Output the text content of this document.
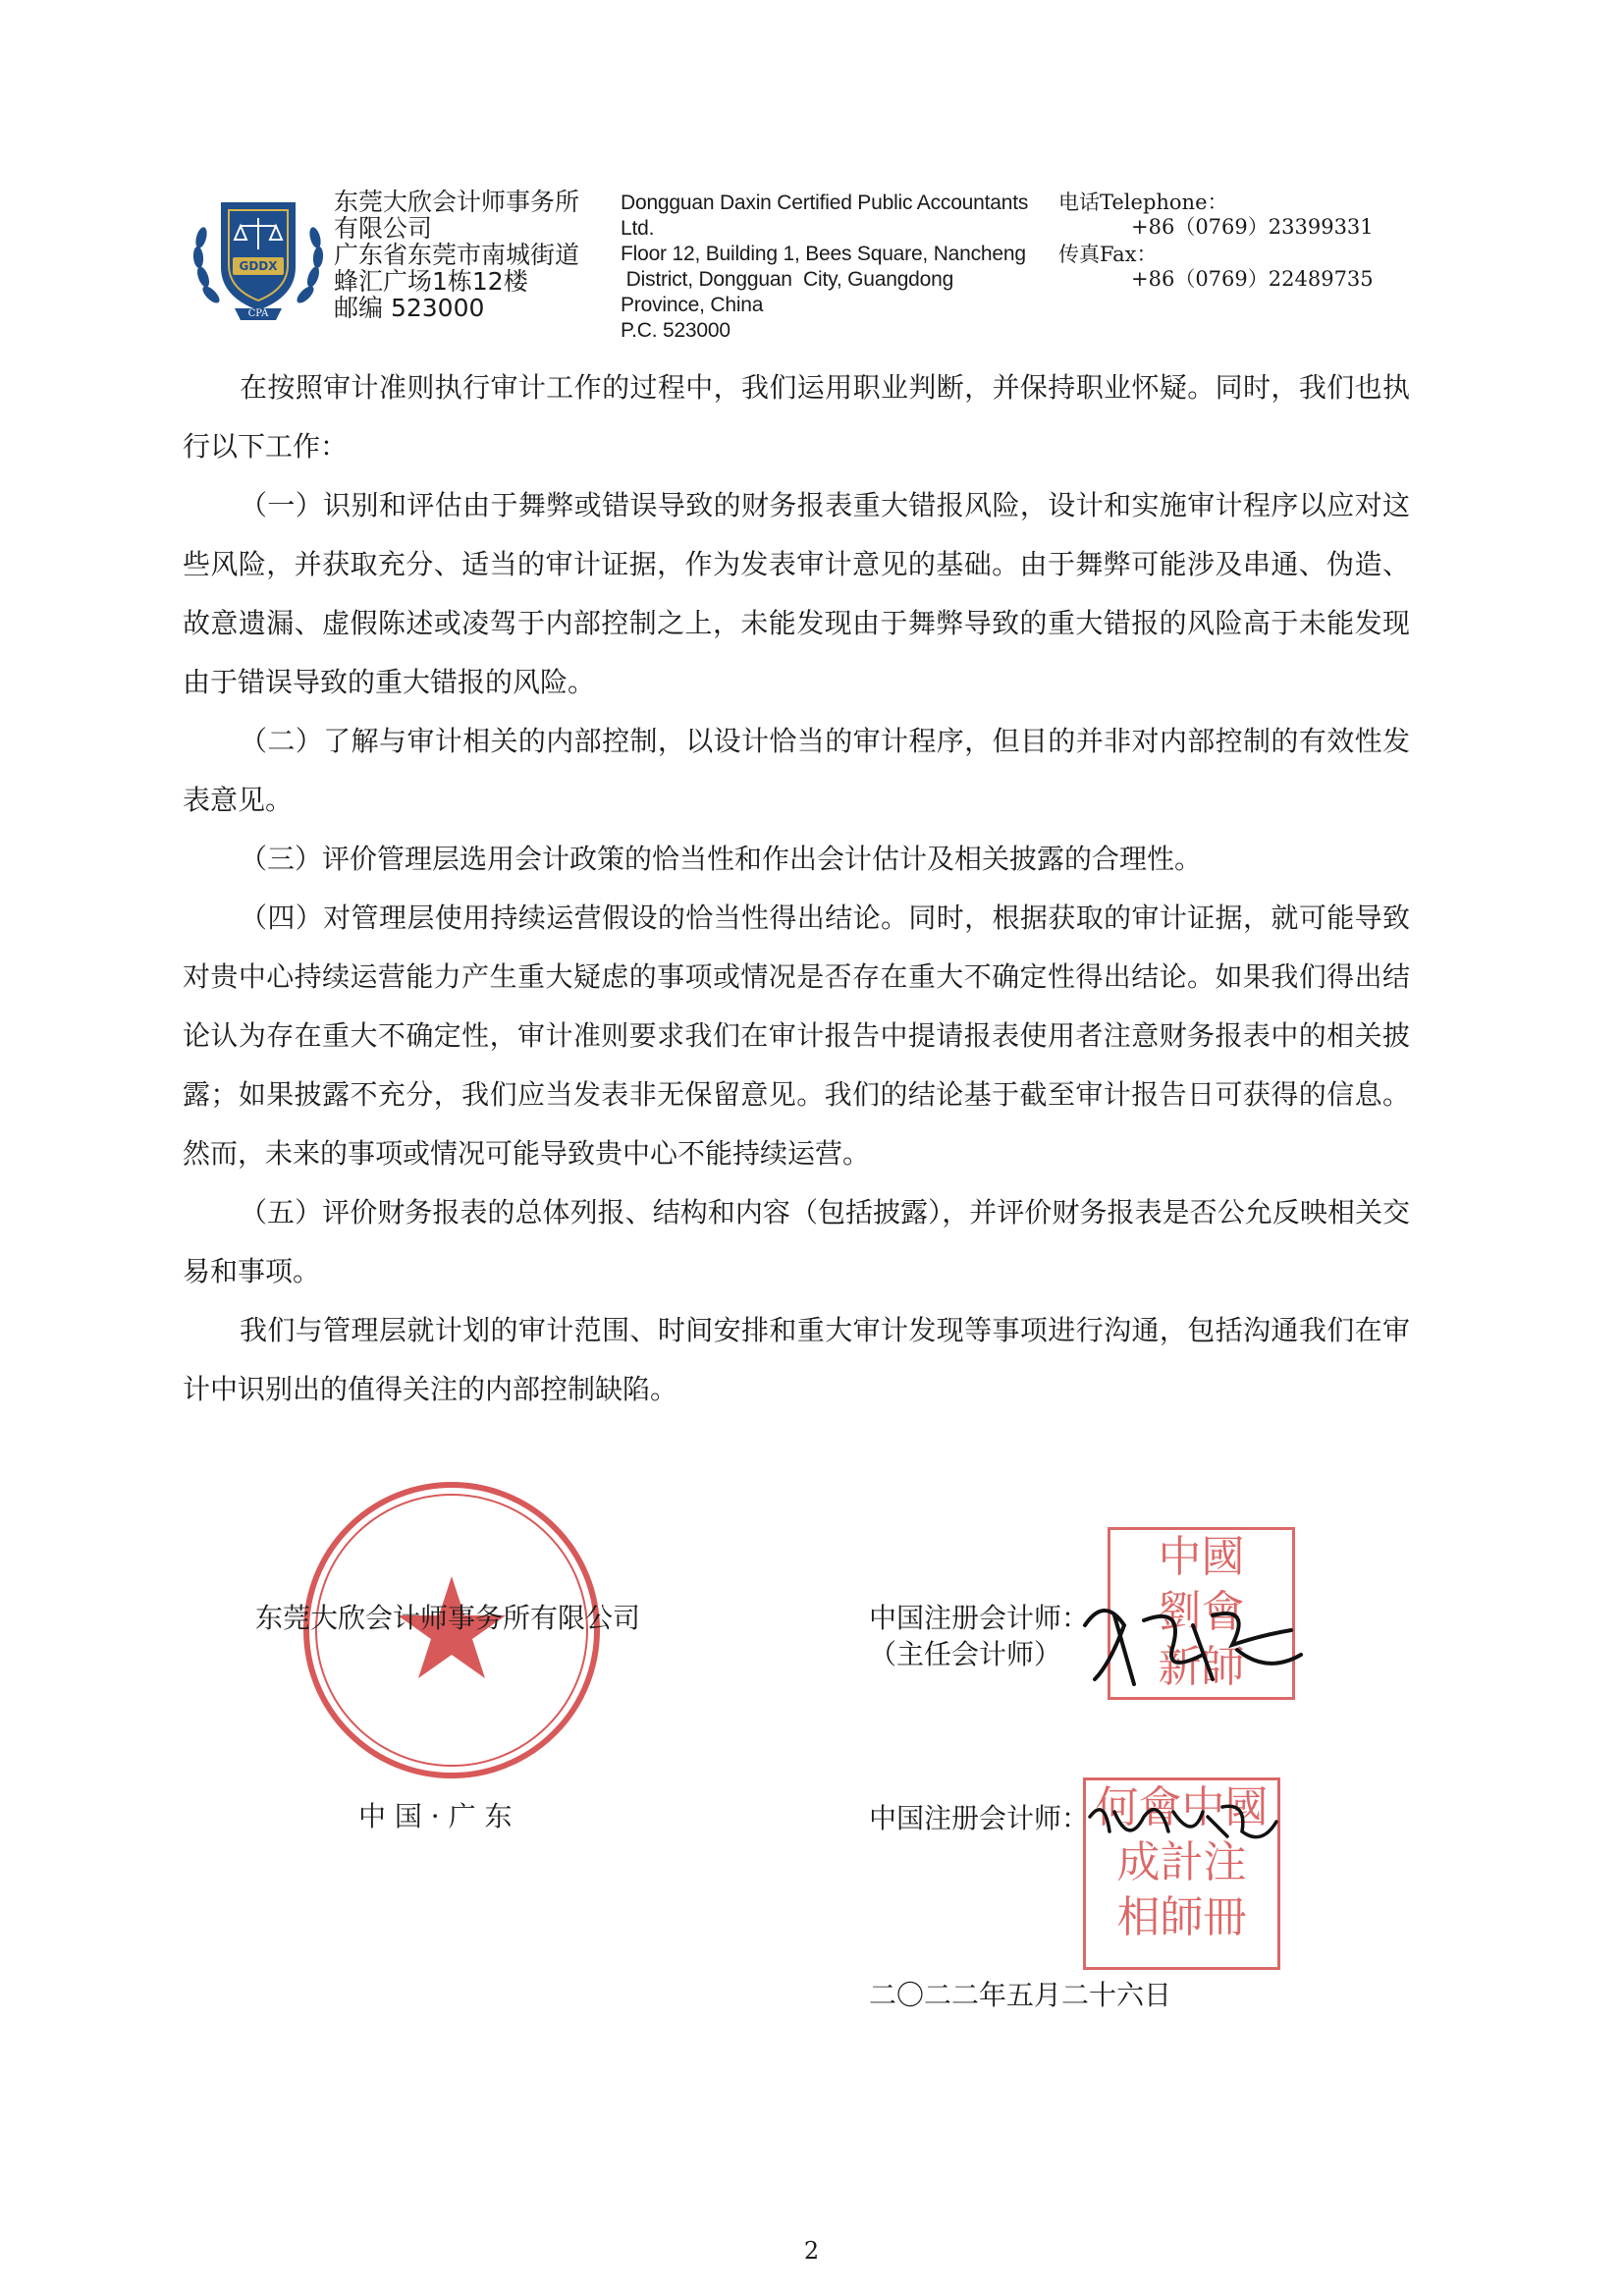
GDDX
CPA
东莞大欣会计师事务所
有限公司
广东省东莞市南城街道
蜂汇广场1栋12楼
邮编 523000
Dongguan Daxin Certified Public Accountants
Ltd.
Floor 12, Building 1, Bees Square, Nancheng
District, Dongguan  City, Guangdong
Province, China
P.C. 523000
电话Telephone：
+86（0769）23399331
传真Fax：
+86（0769）22489735

在按照审计准则执行审计工作的过程中，我们运用职业判断，并保持职业怀疑。同时，我们也执行以下工作：

（一）识别和评估由于舞弊或错误导致的财务报表重大错报风险，设计和实施审计程序以应对这些风险，并获取充分、适当的审计证据，作为发表审计意见的基础。由于舞弊可能涉及串通、伪造、故意遗漏、虚假陈述或凌驾于内部控制之上，未能发现由于舞弊导致的重大错报的风险高于未能发现由于错误导致的重大错报的风险。

（二）了解与审计相关的内部控制，以设计恰当的审计程序，但目的并非对内部控制的有效性发表意见。

（三）评价管理层选用会计政策的恰当性和作出会计估计及相关披露的合理性。

（四）对管理层使用持续运营假设的恰当性得出结论。同时，根据获取的审计证据，就可能导致对贵中心持续运营能力产生重大疑虑的事项或情况是否存在重大不确定性得出结论。如果我们得出结论认为存在重大不确定性，审计准则要求我们在审计报告中提请报表使用者注意财务报表中的相关披露；如果披露不充分，我们应当发表非无保留意见。我们的结论基于截至审计报告日可获得的信息。然而，未来的事项或情况可能导致贵中心不能持续运营。

（五）评价财务报表的总体列报、结构和内容（包括披露），并评价财务报表是否公允反映相关交易和事项。

我们与管理层就计划的审计范围、时间安排和重大审计发现等事项进行沟通，包括沟通我们在审计中识别出的值得关注的内部控制缺陷。

东莞大欣会计师事务所有限公司
中 国 · 广 东
中國
劉會
新師
中国注册会计师：
（主任会计师）
何會中國
成計注
相師冊
中国注册会计师：
二〇二二年五月二十六日
2
